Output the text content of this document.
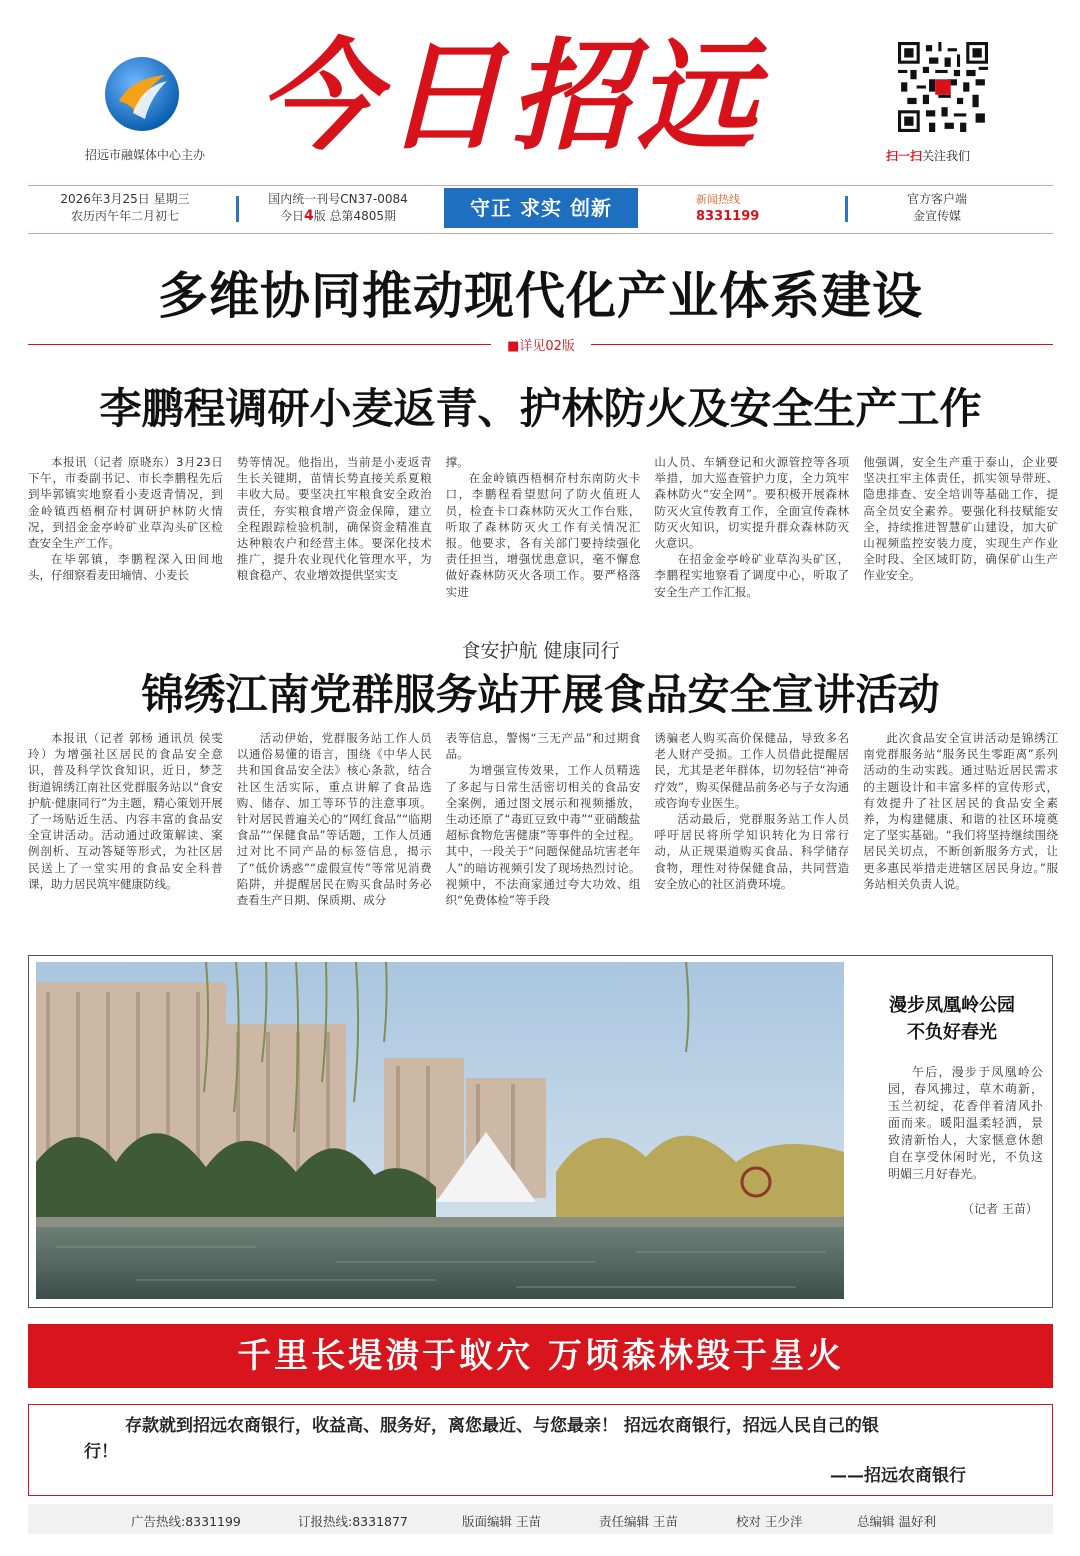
招远市融媒体中心主办 今日招远	扫一扫关注我们
2026年3月25日 星期三
农历丙午年二月初七
国内统一刊号CN37-0084
今日4版 总第4805期	守正 求实 创新	新闻热线
8331199
官方客户端
金宣传媒
多维协同推动现代化产业体系建设
■详见02版
李鹏程调研小麦返青、护林防火及安全生产工作

本报讯（记者 原晓东）3月23日下午，市委副书记、市长李鹏程先后到毕郭镇实地察看小麦返青情况，到金岭镇西梧桐夼村调研护林防火情况，到招金金亭岭矿业草沟头矿区检查安全生产工作。

在毕郭镇，李鹏程深入田间地头，仔细察看麦田墒情、小麦长

势等情况。他指出，当前是小麦返青生长关键期，苗情长势直接关系夏粮丰收大局。要坚决扛牢粮食安全政治责任，夯实粮食增产资金保障，建立全程跟踪检验机制，确保资金精准直达种粮农户和经营主体。要深化技术推广，提升农业现代化管理水平，为粮食稳产、农业增效提供坚实支

撑。

在金岭镇西梧桐夼村东南防火卡口，李鹏程看望慰问了防火值班人员，检查卡口森林防灭火工作台账，听取了森林防灭火工作有关情况汇报。他要求，各有关部门要持续强化责任担当，增强忧患意识，毫不懈怠做好森林防灭火各项工作。要严格落实进

山人员、车辆登记和火源管控等各项举措，加大巡查管护力度，全力筑牢森林防火“安全网”。要积极开展森林防灭火宣传教育工作，全面宣传森林防灭火知识，切实提升群众森林防灭火意识。

在招金金亭岭矿业草沟头矿区，李鹏程实地察看了调度中心，听取了安全生产工作汇报。

他强调，安全生产重于泰山，企业要坚决扛牢主体责任，抓实领导带班、隐患排查、安全培训等基础工作，提高全员安全素养。要强化科技赋能安全，持续推进智慧矿山建设，加大矿山视频监控安装力度，实现生产作业全时段、全区域盯防，确保矿山生产作业安全。

食安护航 健康同行
锦绣江南党群服务站开展食品安全宣讲活动

本报讯（记者 郭杨 通讯员 侯雯玲）为增强社区居民的食品安全意识，普及科学饮食知识，近日，梦芝街道锦绣江南社区党群服务站以“食安护航·健康同行”为主题，精心策划开展了一场贴近生活、内容丰富的食品安全宣讲活动。活动通过政策解读、案例剖析、互动答疑等形式，为社区居民送上了一堂实用的食品安全科普课，助力居民筑牢健康防线。

活动伊始，党群服务站工作人员以通俗易懂的语言，围绕《中华人民共和国食品安全法》核心条款，结合社区生活实际，重点讲解了食品选购、储存、加工等环节的注意事项。针对居民普遍关心的“网红食品”“临期食品”“保健食品”等话题，工作人员通过对比不同产品的标签信息，揭示了“低价诱惑”“虚假宣传”等常见消费陷阱，并提醒居民在购买食品时务必查看生产日期、保质期、成分

表等信息，警惕“三无产品”和过期食品。

为增强宣传效果，工作人员精选了多起与日常生活密切相关的食品安全案例，通过图文展示和视频播放，生动还原了“毒豇豆致中毒”“亚硝酸盐超标食物危害健康”等事件的全过程。其中，一段关于“问题保健品坑害老年人”的暗访视频引发了现场热烈讨论。视频中，不法商家通过夸大功效、组织“免费体检”等手段

诱骗老人购买高价保健品，导致多名老人财产受损。工作人员借此提醒居民，尤其是老年群体，切勿轻信“神奇疗效”，购买保健品前务必与子女沟通或咨询专业医生。

活动最后，党群服务站工作人员呼吁居民将所学知识转化为日常行动，从正规渠道购买食品、科学储存食物，理性对待保健食品，共同营造安全放心的社区消费环境。

此次食品安全宣讲活动是锦绣江南党群服务站“服务民生零距离”系列活动的生动实践。通过贴近居民需求的主题设计和丰富多样的宣传形式，有效提升了社区居民的食品安全素养，为构建健康、和谐的社区环境奠定了坚实基础。“我们将坚持继续围绕居民关切点，不断创新服务方式，让更多惠民举措走进辖区居民身边。”服务站相关负责人说。

漫步凤凰岭公园
不负好春光
午后，漫步于凤凰岭公园，春风拂过，草木萌新，玉兰初绽，花香伴着清风扑面而来。暖阳温柔轻洒，景致清新怡人，大家惬意休憩自在享受休闲时光，不负这明媚三月好春光。
（记者 王苗）
千里长堤溃于蚁穴 万顷森林毁于星火
存款就到招远农商银行，收益高、服务好，离您最近、与您最亲！ 招远农商银行，招远人民自己的银
行！
——招远农商银行
广告热线:8331199	订报热线:8331877	版面编辑 王苗	责任编辑 王苗	校对 王少泮	总编辑 温好利
